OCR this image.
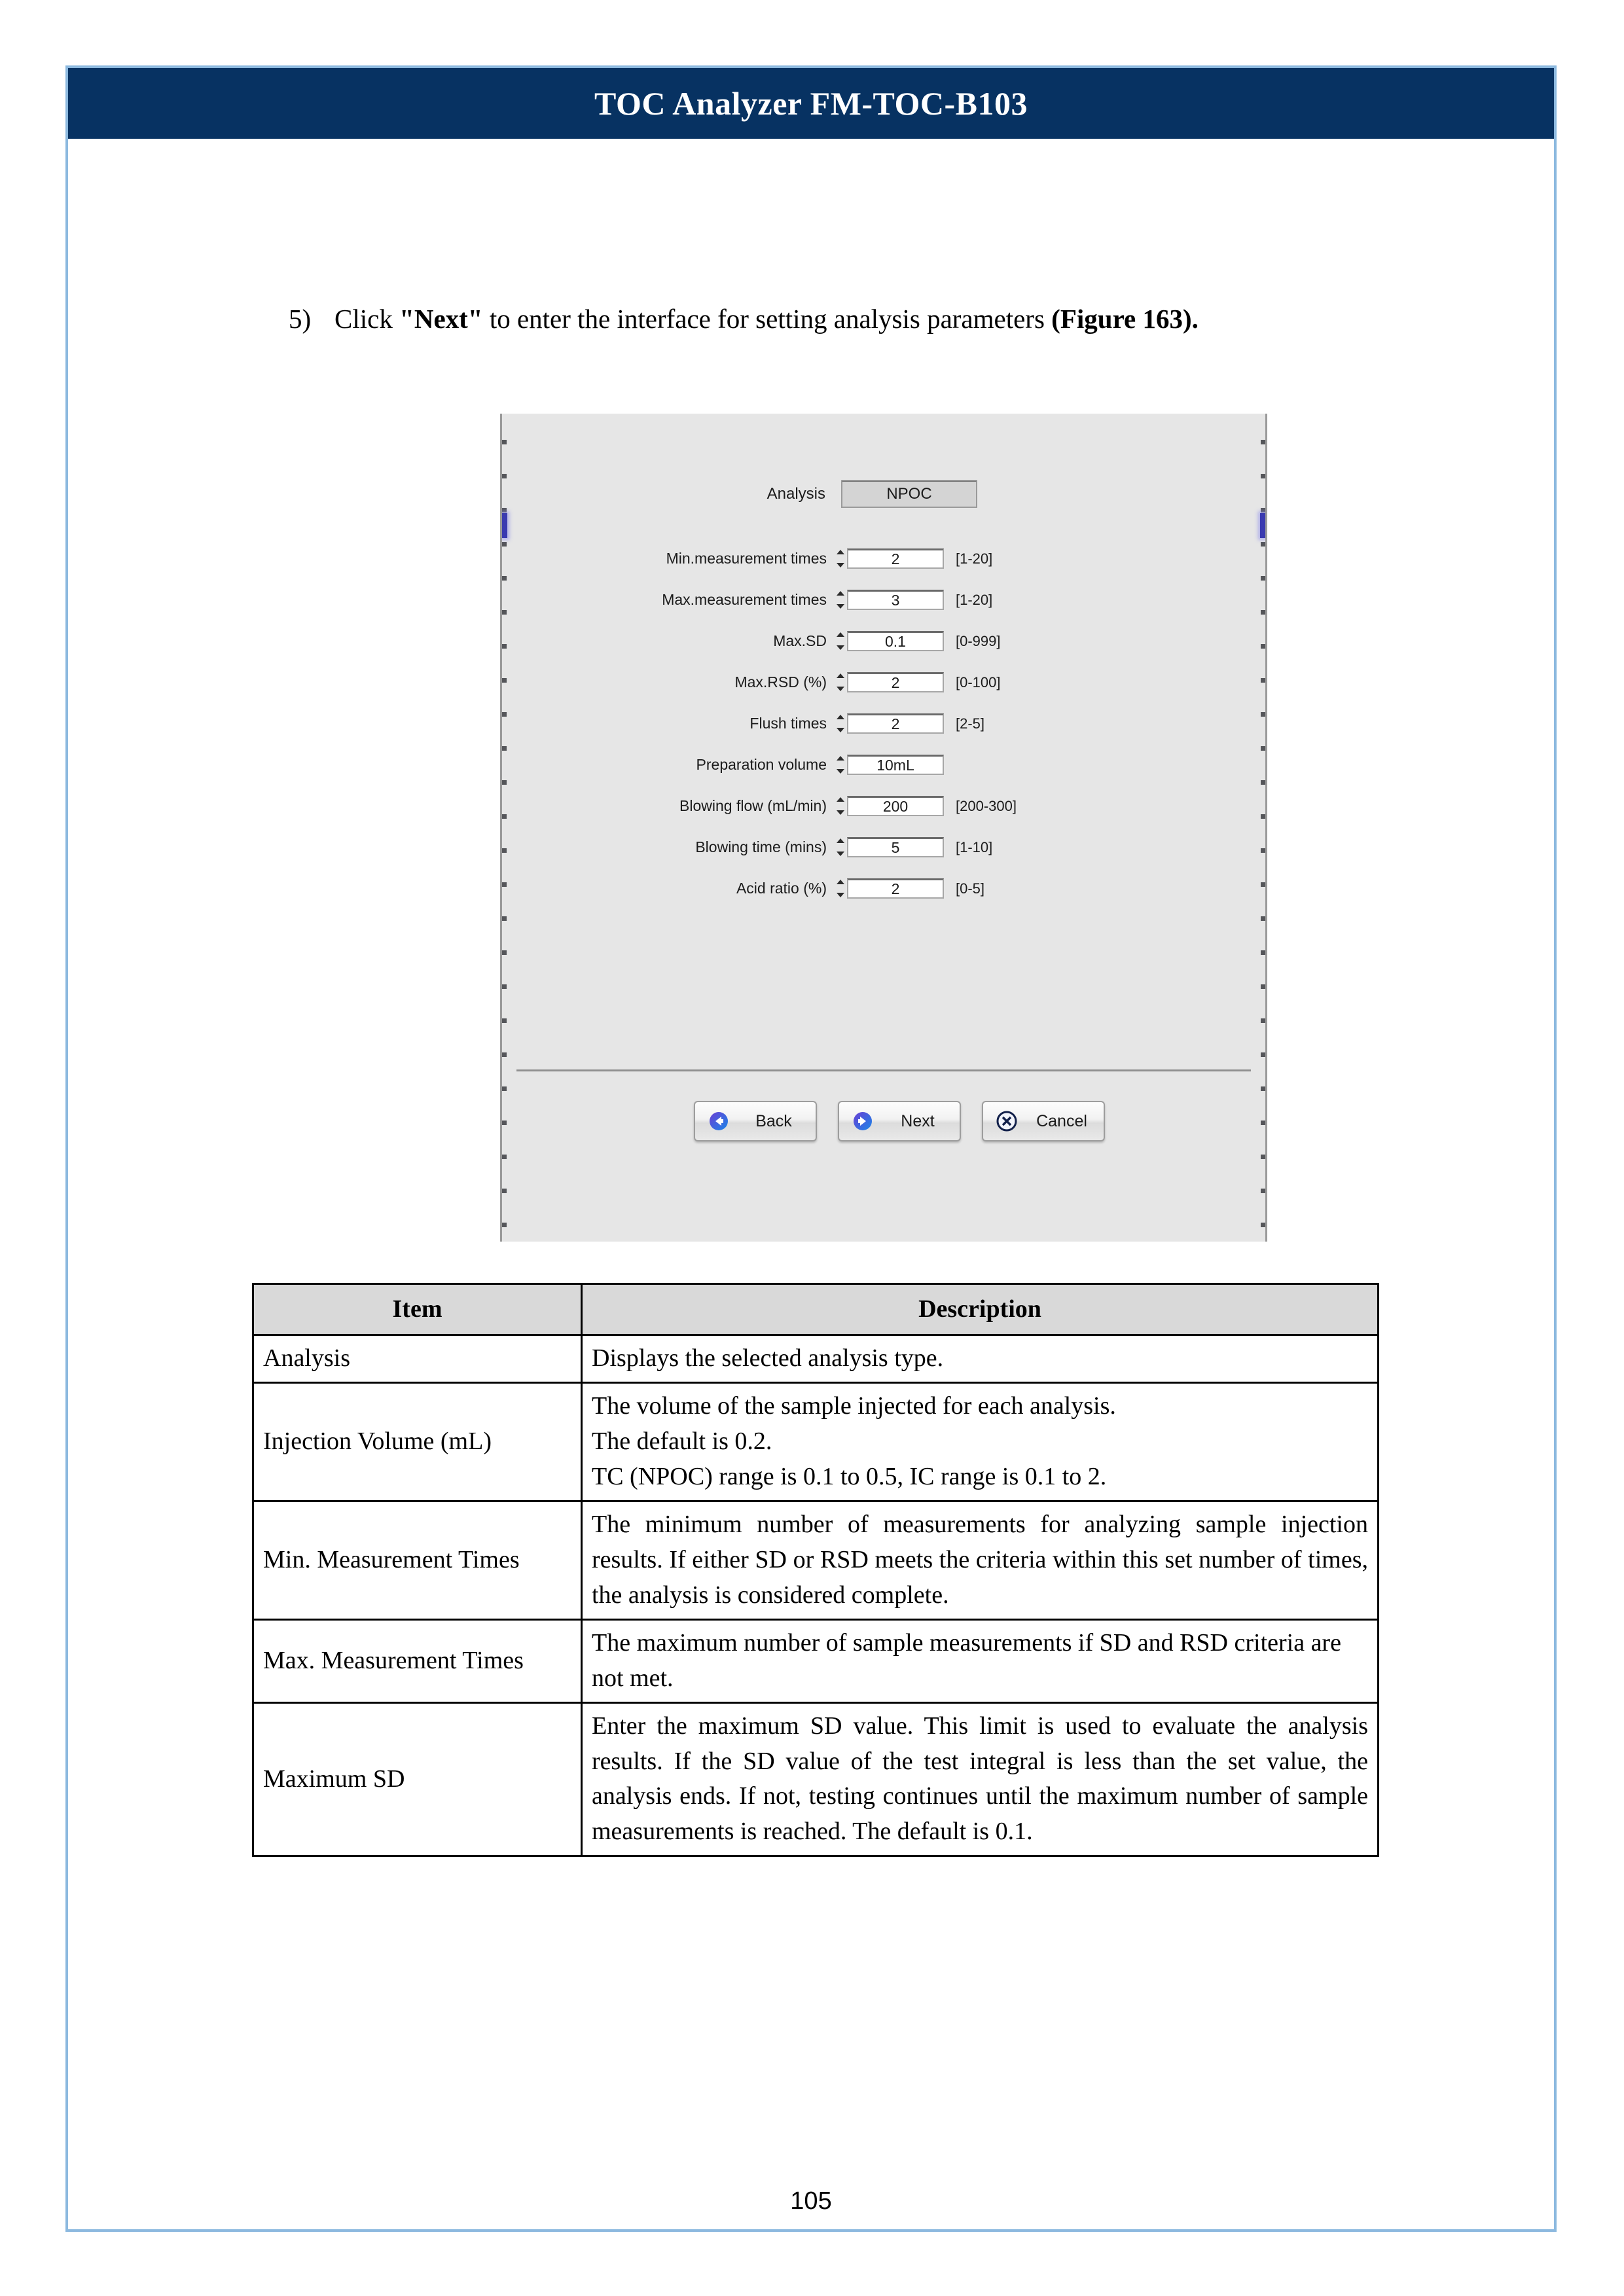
TOC Analyzer FM-TOC-B103
5) Click "Next" to enter the interface for setting analysis parameters (Figure 163).
Analysis	NPOC
Min.measurement times	2	[1-20]
Max.measurement times	3	[1-20]
Max.SD	0.1	[0-999]
Max.RSD (%)	2	[0-100]
Flush times	2	[2-5]
Preparation volume	10mL
Blowing flow (mL/min)	200	[200-300]
Blowing time (mins)	5	[1-10]
Acid ratio (%)	2	[0-5]
Back	Next	Cancel
Item	Description
Analysis	Displays the selected analysis type.
Injection Volume (mL)	The volume of the sample injected for each analysis.
The default is 0.2.
TC (NPOC) range is 0.1 to 0.5, IC range is 0.1 to 2.

Min. Measurement Times	The minimum number of measurements for analyzing sample injection results. If either SD or RSD meets the criteria within this set number of times, the analysis is considered complete.
Max. Measurement Times	The maximum number of sample measurements if SD and RSD criteria are not met.
Maximum SD	Enter the maximum SD value. This limit is used to evaluate the analysis results. If the SD value of the test integral is less than the set value, the analysis ends. If not, testing continues until the maximum number of sample measurements is reached. The default is 0.1.
105
